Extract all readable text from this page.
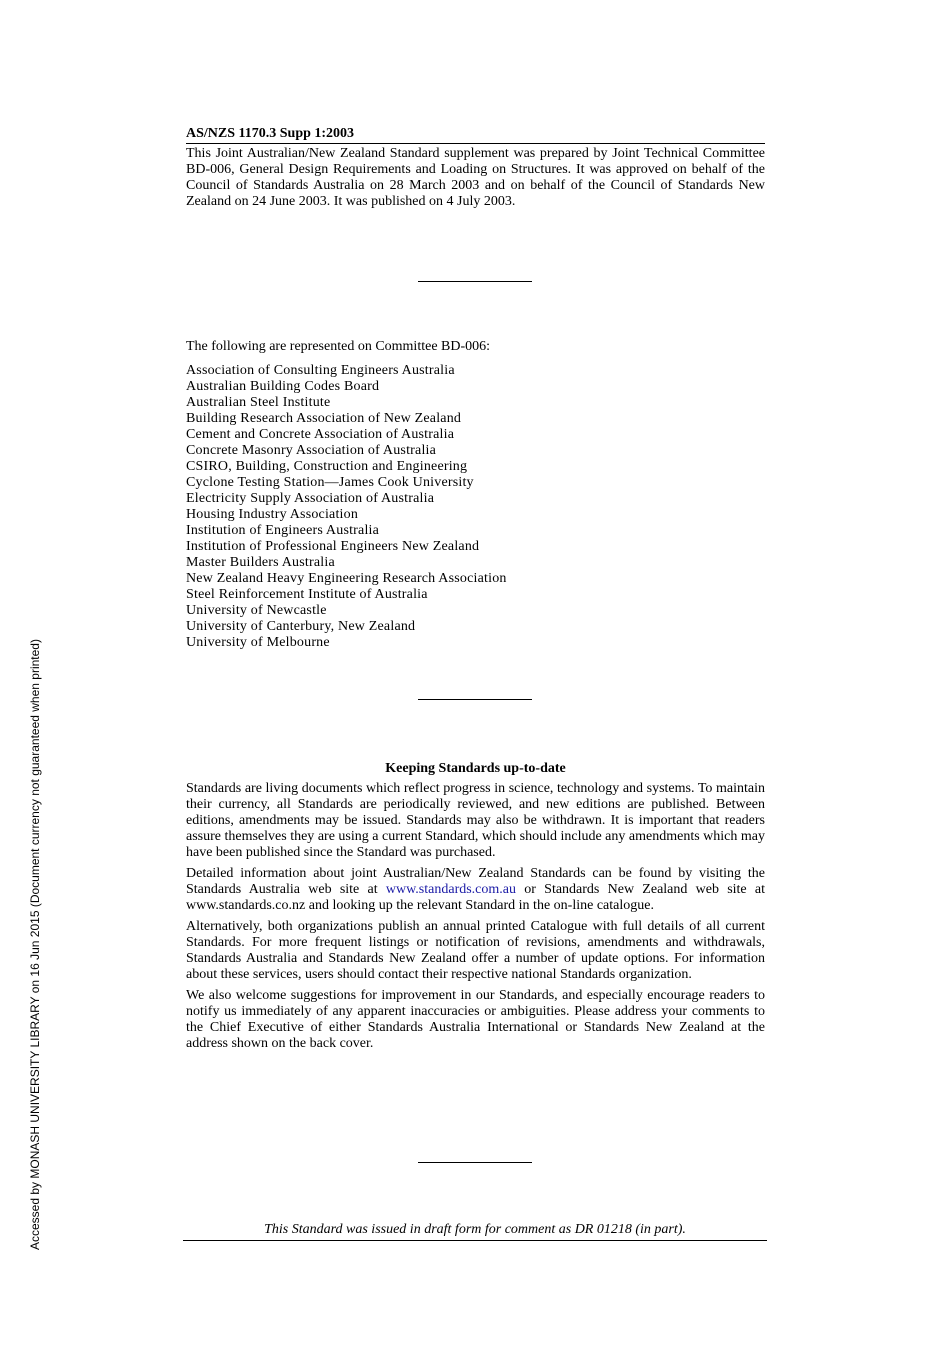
AS/NZS 1170.3 Supp 1:2003
This Joint Australian/New Zealand Standard supplement was prepared by Joint Technical Committee BD-006, General Design Requirements and Loading on Structures. It was approved on behalf of the Council of Standards Australia on 28 March 2003 and on behalf of the Council of Standards New Zealand on 24 June 2003. It was published on 4 July 2003.

The following are represented on Committee BD-006:

Association of Consulting Engineers Australia
Australian Building Codes Board
Australian Steel Institute
Building Research Association of New Zealand
Cement and Concrete Association of Australia
Concrete Masonry Association of Australia
CSIRO, Building, Construction and Engineering
Cyclone Testing Station—James Cook University
Electricity Supply Association of Australia
Housing Industry Association
Institution of Engineers Australia
Institution of Professional Engineers New Zealand
Master Builders Australia
New Zealand Heavy Engineering Research Association
Steel Reinforcement Institute of Australia
University of Newcastle
University of Canterbury, New Zealand
University of Melbourne
Keeping Standards up-to-date

Standards are living documents which reflect progress in science, technology and systems. To maintain their currency, all Standards are periodically reviewed, and new editions are published. Between editions, amendments may be issued. Standards may also be withdrawn. It is important that readers assure themselves they are using a current Standard, which should include any amendments which may have been published since the Standard was purchased.

Detailed information about joint Australian/New Zealand Standards can be found by visiting the Standards Australia web site at www.standards.com.au or Standards New Zealand web site at www.standards.co.nz and looking up the relevant Standard in the on-line catalogue.

Alternatively, both organizations publish an annual printed Catalogue with full details of all current Standards. For more frequent listings or notification of revisions, amendments and withdrawals, Standards Australia and Standards New Zealand offer a number of update options. For information about these services, users should contact their respective national Standards organization.

We also welcome suggestions for improvement in our Standards, and especially encourage readers to notify us immediately of any apparent inaccuracies or ambiguities. Please address your comments to the Chief Executive of either Standards Australia International or Standards New Zealand at the address shown on the back cover.

This Standard was issued in draft form for comment as DR 01218 (in part).
Accessed by MONASH UNIVERSITY LIBRARY on 16 Jun 2015 (Document currency not guaranteed when printed)
